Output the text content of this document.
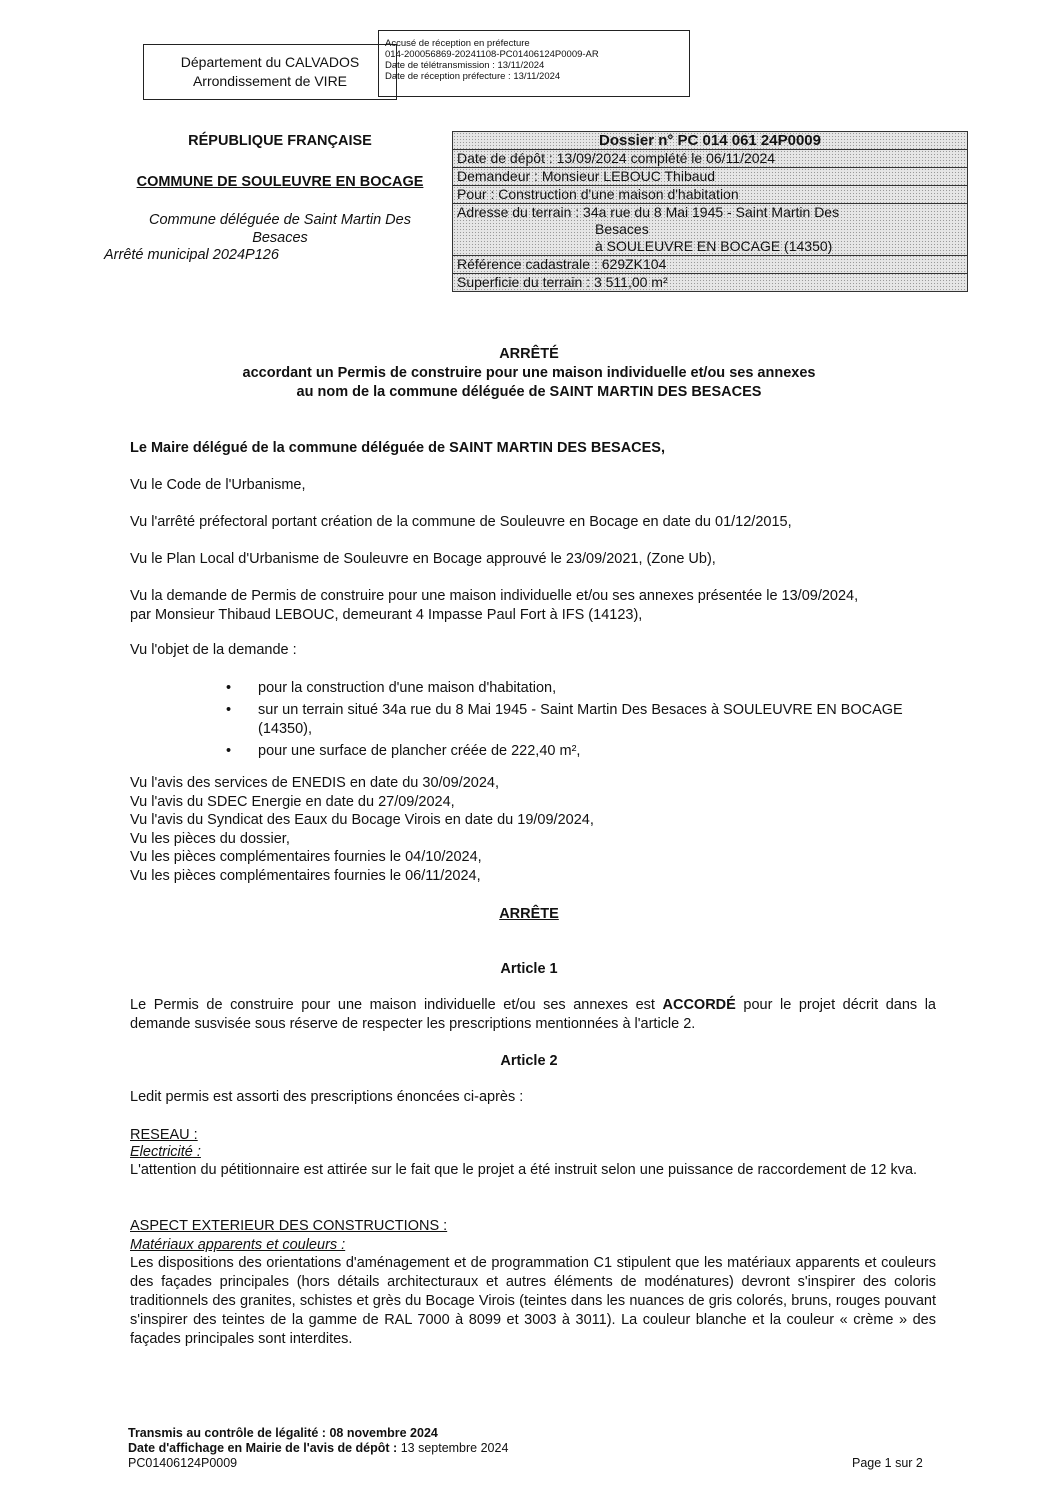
Département du CALVADOS
Arrondissement de VIRE
Accusé de réception en préfecture
014-200056869-20241108-PC01406124P0009-AR
Date de télétransmission : 13/11/2024
Date de réception préfecture : 13/11/2024
RÉPUBLIQUE FRANÇAISE
COMMUNE DE SOULEUVRE EN BOCAGE
Commune déléguée de Saint Martin Des
Besaces
Arrêté municipal 2024P126
Dossier n° PC 014 061 24P0009
Date de dépôt : 13/09/2024 complété le 06/11/2024
Demandeur : Monsieur LEBOUC Thibaud
Pour : Construction d'une maison d'habitation
Adresse du terrain : 34a rue du 8 Mai 1945 - Saint Martin Des
Besaces
à SOULEUVRE EN BOCAGE (14350)
Référence cadastrale : 629ZK104
Superficie du terrain : 3 511,00 m²
ARRÊTÉ
accordant un Permis de construire pour une maison individuelle et/ou ses annexes
au nom de la commune déléguée de SAINT MARTIN DES BESACES
Le Maire délégué de la commune déléguée de SAINT MARTIN DES BESACES,
Vu le Code de l'Urbanisme,
Vu l'arrêté préfectoral portant création de la commune de Souleuvre en Bocage en date du 01/12/2015,
Vu le Plan Local d'Urbanisme de Souleuvre en Bocage approuvé le 23/09/2021, (Zone Ub),
Vu la demande de Permis de construire pour une maison individuelle et/ou ses annexes présentée le 13/09/2024,
par Monsieur Thibaud LEBOUC, demeurant 4 Impasse Paul Fort à IFS (14123),
Vu l'objet de la demande :
• pour la construction d'une maison d'habitation,
• sur un terrain situé 34a rue du 8 Mai 1945 - Saint Martin Des Besaces à SOULEUVRE EN BOCAGE
(14350),
• pour une surface de plancher créée de 222,40 m²,
Vu l'avis des services de ENEDIS en date du 30/09/2024,
Vu l'avis du SDEC Energie en date du 27/09/2024,
Vu l'avis du Syndicat des Eaux du Bocage Virois en date du 19/09/2024,
Vu les pièces du dossier,
Vu les pièces complémentaires fournies le 04/10/2024,
Vu les pièces complémentaires fournies le 06/11/2024,
ARRÊTE
Article 1
Le Permis de construire pour une maison individuelle et/ou ses annexes est ACCORDÉ pour le projet décrit dans la demande susvisée sous réserve de respecter les prescriptions mentionnées à l'article 2.
Article 2
Ledit permis est assorti des prescriptions énoncées ci-après :
RESEAU :
Electricité :
L'attention du pétitionnaire est attirée sur le fait que le projet a été instruit selon une puissance de raccordement de 12 kva.
ASPECT EXTERIEUR DES CONSTRUCTIONS :
Matériaux apparents et couleurs :
Les dispositions des orientations d'aménagement et de programmation C1 stipulent que les matériaux apparents et couleurs des façades principales (hors détails architecturaux et autres éléments de modénatures) devront s'inspirer des coloris traditionnels des granites, schistes et grès du Bocage Virois (teintes dans les nuances de gris colorés, bruns, rouges pouvant s'inspirer des teintes de la gamme de RAL 7000 à 8099 et 3003 à 3011). La couleur blanche et la couleur « crème » des façades principales sont interdites.
Transmis au contrôle de légalité : 08 novembre 2024
Date d'affichage en Mairie de l'avis de dépôt : 13 septembre 2024
PC01406124P0009	Page 1 sur 2
